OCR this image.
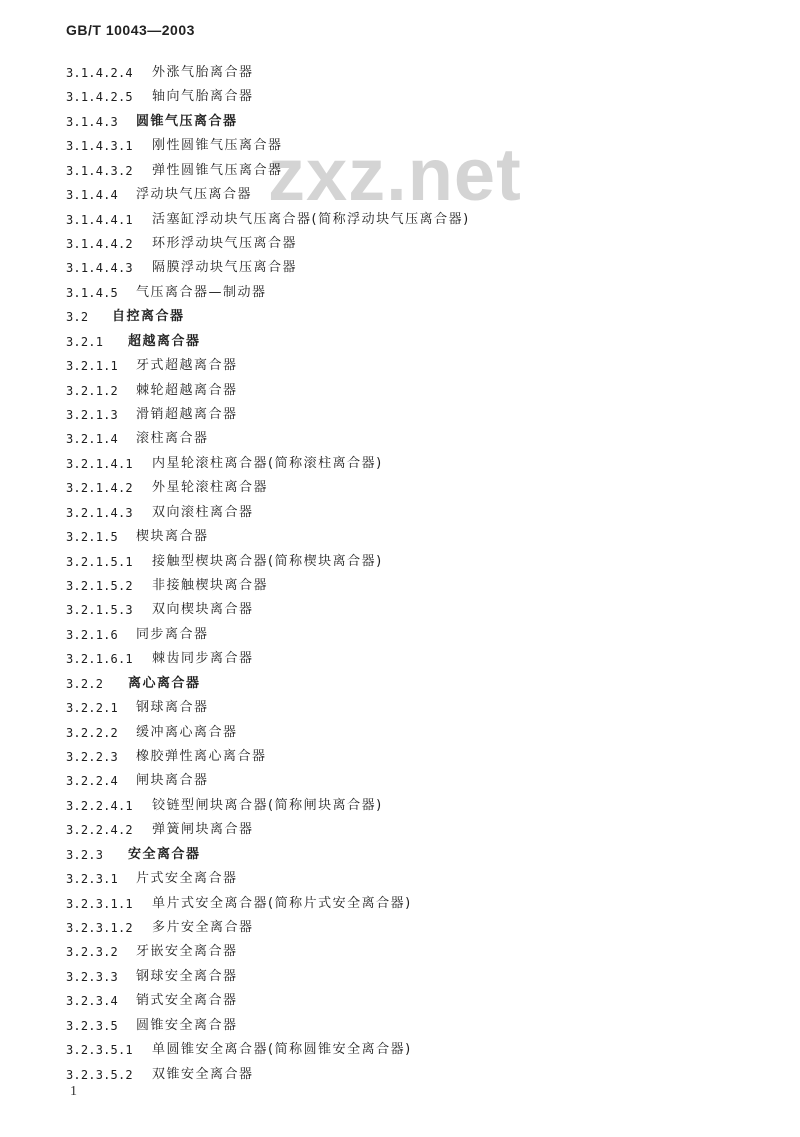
GB/T 10043—2003
zxz.net
3.1.4.2.4 外涨气胎离合器
3.1.4.2.5 轴向气胎离合器
3.1.4.3 圆锥气压离合器
3.1.4.3.1 刚性圆锥气压离合器
3.1.4.3.2 弹性圆锥气压离合器
3.1.4.4 浮动块气压离合器
3.1.4.4.1 活塞缸浮动块气压离合器(简称浮动块气压离合器)
3.1.4.4.2 环形浮动块气压离合器
3.1.4.4.3 隔膜浮动块气压离合器
3.1.4.5 气压离合器—制动器
3.2 自控离合器
3.2.1 超越离合器
3.2.1.1 牙式超越离合器
3.2.1.2 棘轮超越离合器
3.2.1.3 滑销超越离合器
3.2.1.4 滚柱离合器
3.2.1.4.1 内星轮滚柱离合器(简称滚柱离合器)
3.2.1.4.2 外星轮滚柱离合器
3.2.1.4.3 双向滚柱离合器
3.2.1.5 楔块离合器
3.2.1.5.1 接触型楔块离合器(简称楔块离合器)
3.2.1.5.2 非接触楔块离合器
3.2.1.5.3 双向楔块离合器
3.2.1.6 同步离合器
3.2.1.6.1 棘齿同步离合器
3.2.2 离心离合器
3.2.2.1 钢球离合器
3.2.2.2 缓冲离心离合器
3.2.2.3 橡胶弹性离心离合器
3.2.2.4 闸块离合器
3.2.2.4.1 铰链型闸块离合器(简称闸块离合器)
3.2.2.4.2 弹簧闸块离合器
3.2.3 安全离合器
3.2.3.1 片式安全离合器
3.2.3.1.1 单片式安全离合器(简称片式安全离合器)
3.2.3.1.2 多片安全离合器
3.2.3.2 牙嵌安全离合器
3.2.3.3 钢球安全离合器
3.2.3.4 销式安全离合器
3.2.3.5 圆锥安全离合器
3.2.3.5.1 单圆锥安全离合器(简称圆锥安全离合器)
3.2.3.5.2 双锥安全离合器
1
